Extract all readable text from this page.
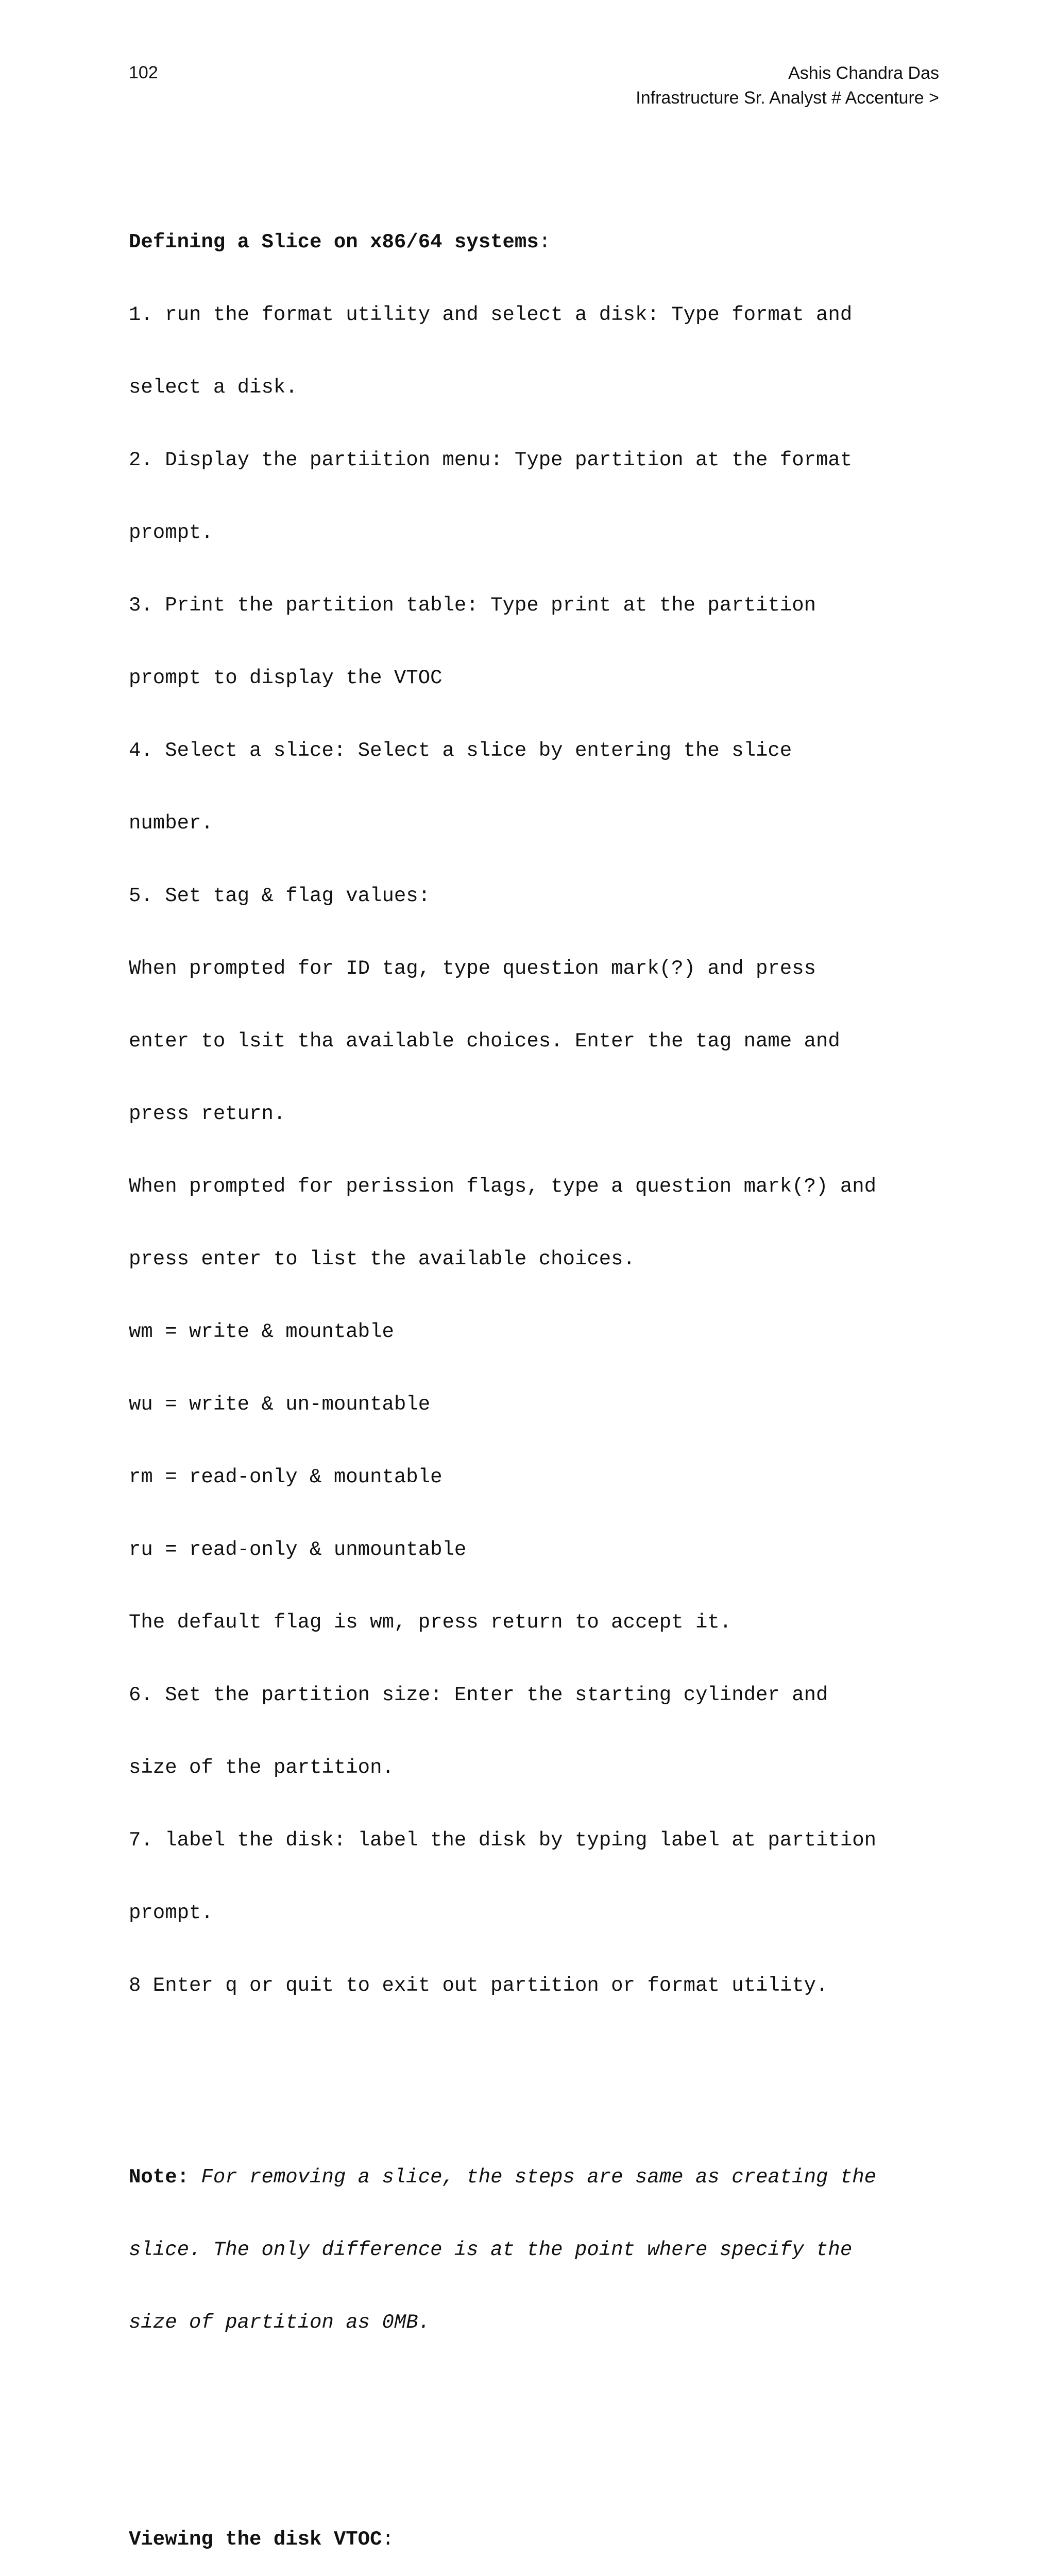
102	Ashis Chandra Das
Infrastructure Sr. Analyst # Accenture >

Defining a Slice on x86/64 systems:

1. run the format utility and select a disk: Type format and

select a disk.

2. Display the partiition menu: Type partition at the format

prompt.

3. Print the partition table: Type print at the partition

prompt to display the VTOC

4. Select a slice: Select a slice by entering the slice

number.

5. Set tag & flag values:

When prompted for ID tag, type question mark(?) and press

enter to lsit tha available choices. Enter the tag name and

press return.

When prompted for perission flags, type a question mark(?) and

press enter to list the available choices.

wm = write & mountable

wu = write & un-mountable

rm = read-only & mountable

ru = read-only & unmountable

The default flag is wm, press return to accept it.

6. Set the partition size: Enter the starting cylinder and

size of the partition.

7. label the disk: label the disk by typing label at partition

prompt.

8 Enter q or quit to exit out partition or format utility.

Note: For removing a slice, the steps are same as creating the

slice. The only difference is at the point where specify the

size of partition as 0MB.

Viewing the disk VTOC:
